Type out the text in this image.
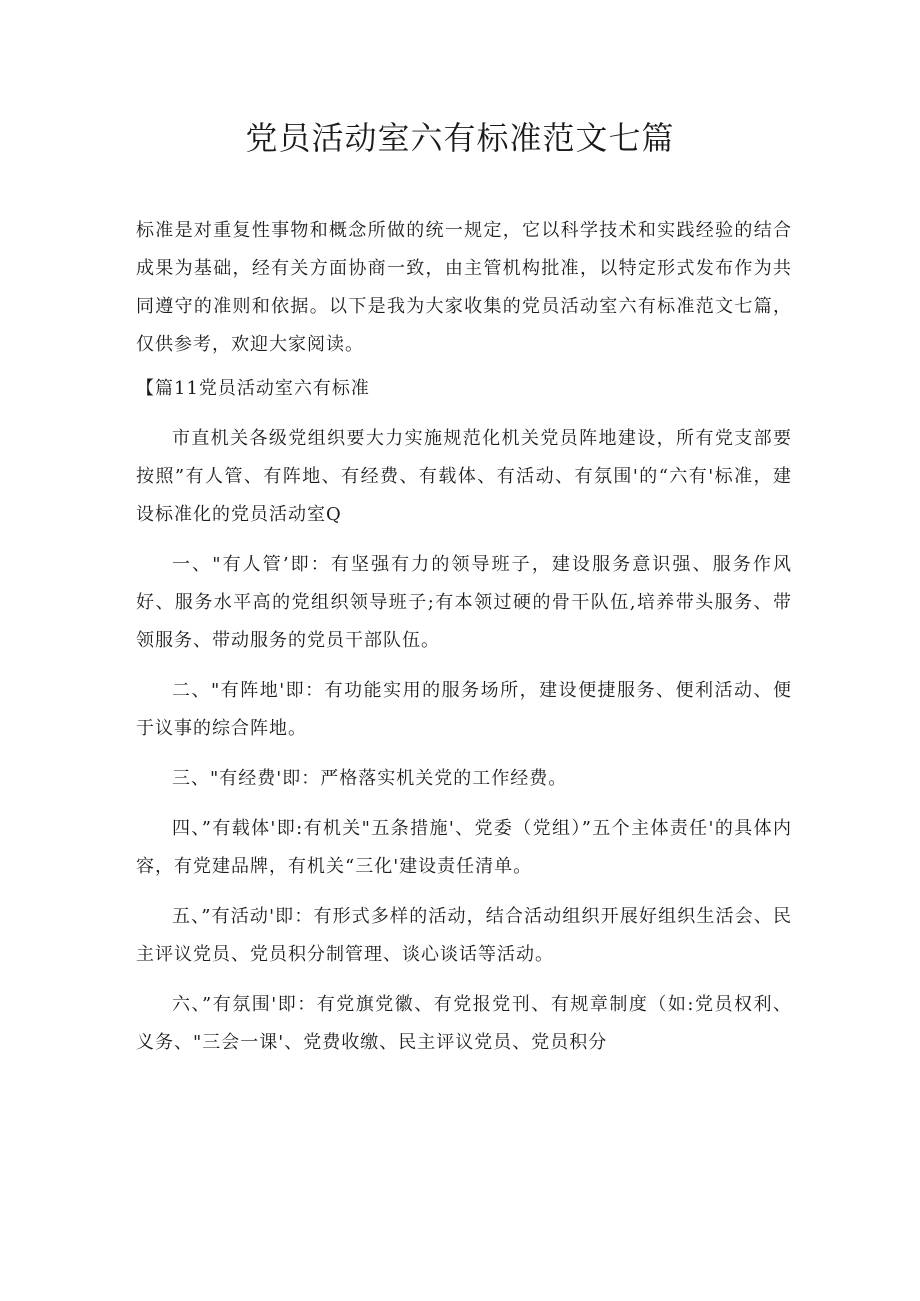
党员活动室六有标准范文七篇

标准是对重复性事物和概念所做的统一规定，它以科学技术和实践经验的结合成果为基础，经有关方面协商一致，由主管机构批准，以特定形式发布作为共同遵守的准则和依据。以下是我为大家收集的党员活动室六有标准范文七篇，仅供参考，欢迎大家阅读。

【篇11党员活动室六有标准

市直机关各级党组织要大力实施规范化机关党员阵地建设，所有党支部要按照”有人管、有阵地、有经费、有载体、有活动、有氛围'的“六有'标准，建设标准化的党员活动室Q

一、"有人管’即：有坚强有力的领导班子，建设服务意识强、服务作风好、服务水平高的党组织领导班子;有本领过硬的骨干队伍,培养带头服务、带领服务、带动服务的党员干部队伍。

二、"有阵地'即：有功能实用的服务场所，建设便捷服务、便利活动、便于议事的综合阵地。

三、"有经费'即：严格落实机关党的工作经费。

四、”有载体'即:有机关"五条措施'、党委（党组）”五个主体责任'的具体内容，有党建品牌，有机关“三化'建设责任清单。

五、”有活动'即：有形式多样的活动，结合活动组织开展好组织生活会、民主评议党员、党员积分制管理、谈心谈话等活动。

六、”有氛围'即：有党旗党徽、有党报党刊、有规章制度（如:党员权利、义务、"三会一课'、党费收缴、民主评议党员、党员积分
